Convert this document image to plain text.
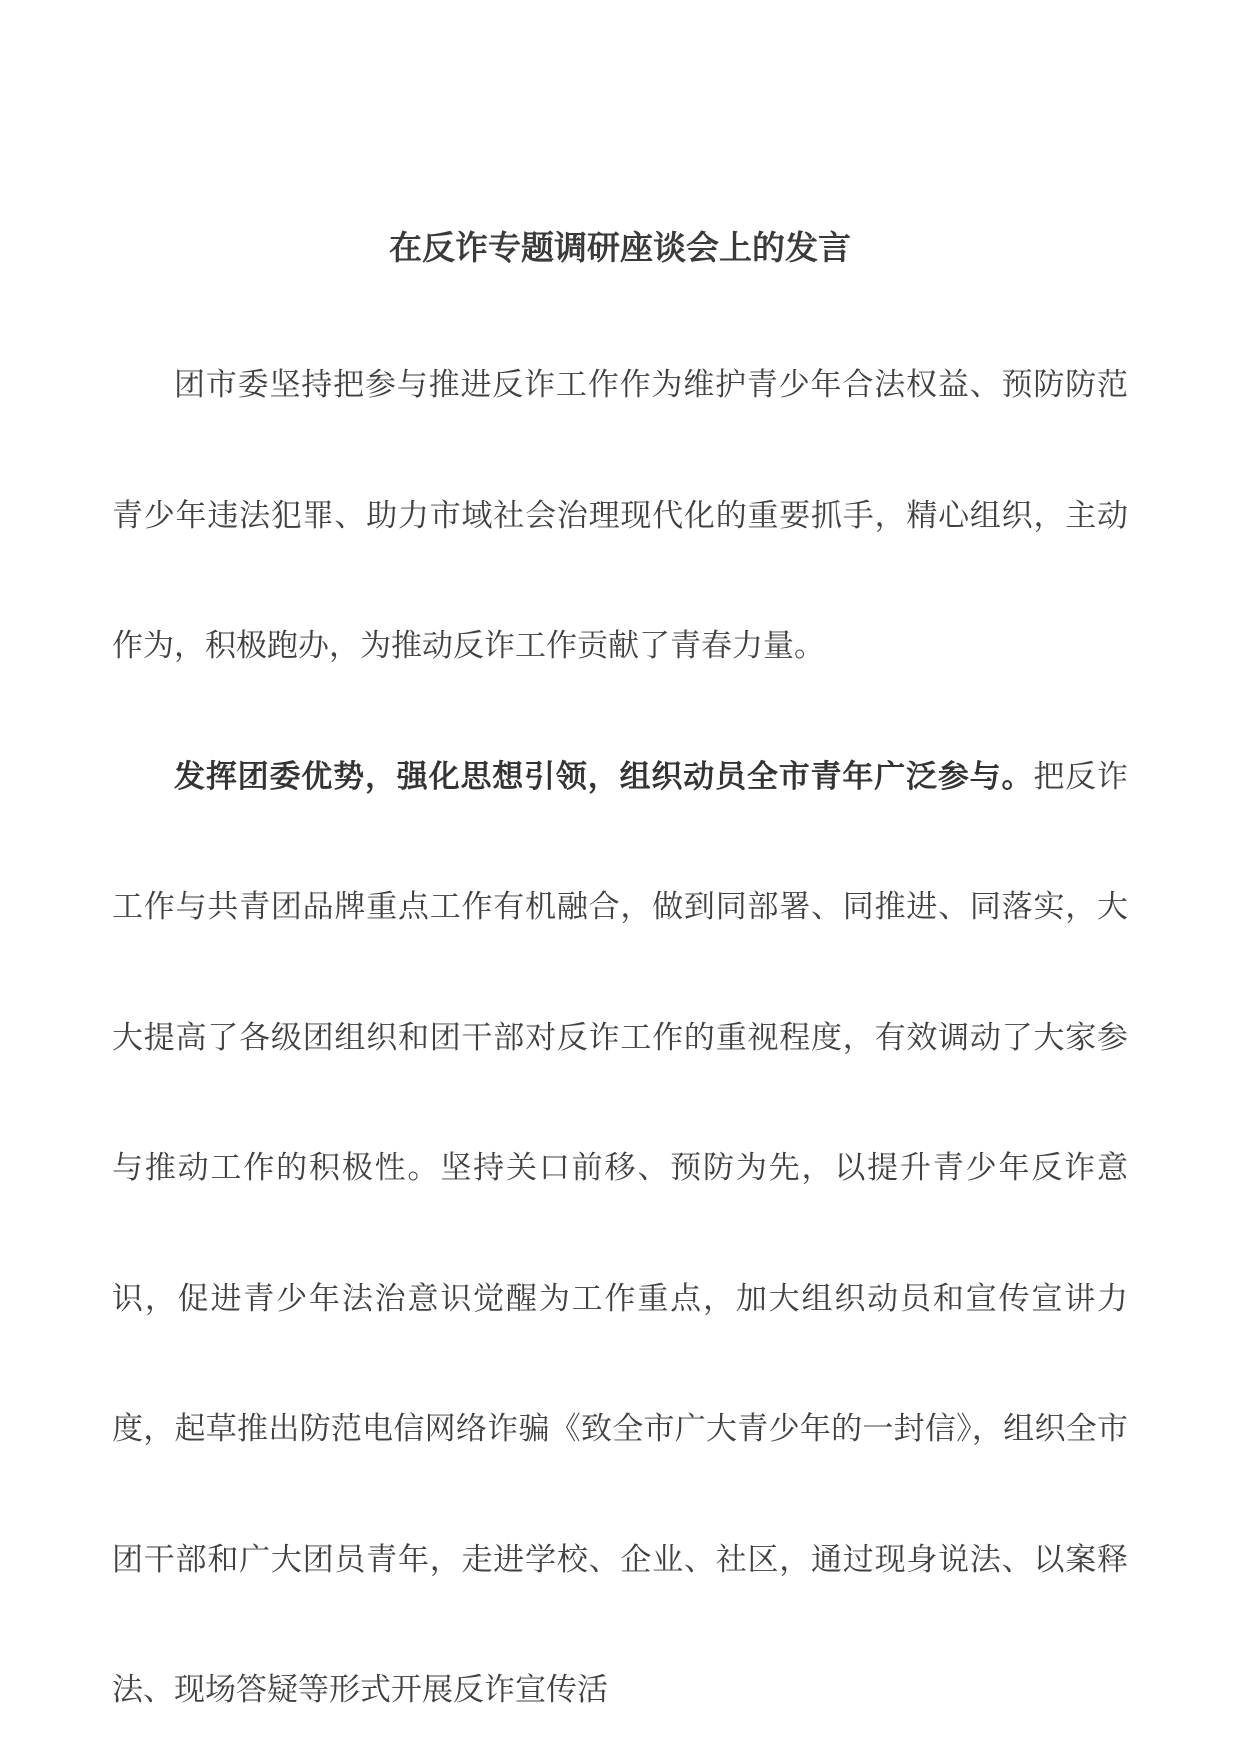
在反诈专题调研座谈会上的发言

团市委坚持把参与推进反诈工作作为维护青少年合法权益、预防防范青少年违法犯罪、助力市域社会治理现代化的重要抓手，精心组织，主动作为，积极跑办，为推动反诈工作贡献了青春力量。

发挥团委优势，强化思想引领，组织动员全市青年广泛参与。把反诈工作与共青团品牌重点工作有机融合，做到同部署、同推进、同落实，大大提高了各级团组织和团干部对反诈工作的重视程度，有效调动了大家参与推动工作的积极性。坚持关口前移、预防为先，以提升青少年反诈意识，促进青少年法治意识觉醒为工作重点，加大组织动员和宣传宣讲力度，起草推出防范电信网络诈骗《致全市广大青少年的一封信》，组织全市团干部和广大团员青年，走进学校、企业、社区，通过现身说法、以案释法、现场答疑等形式开展反诈宣传活
